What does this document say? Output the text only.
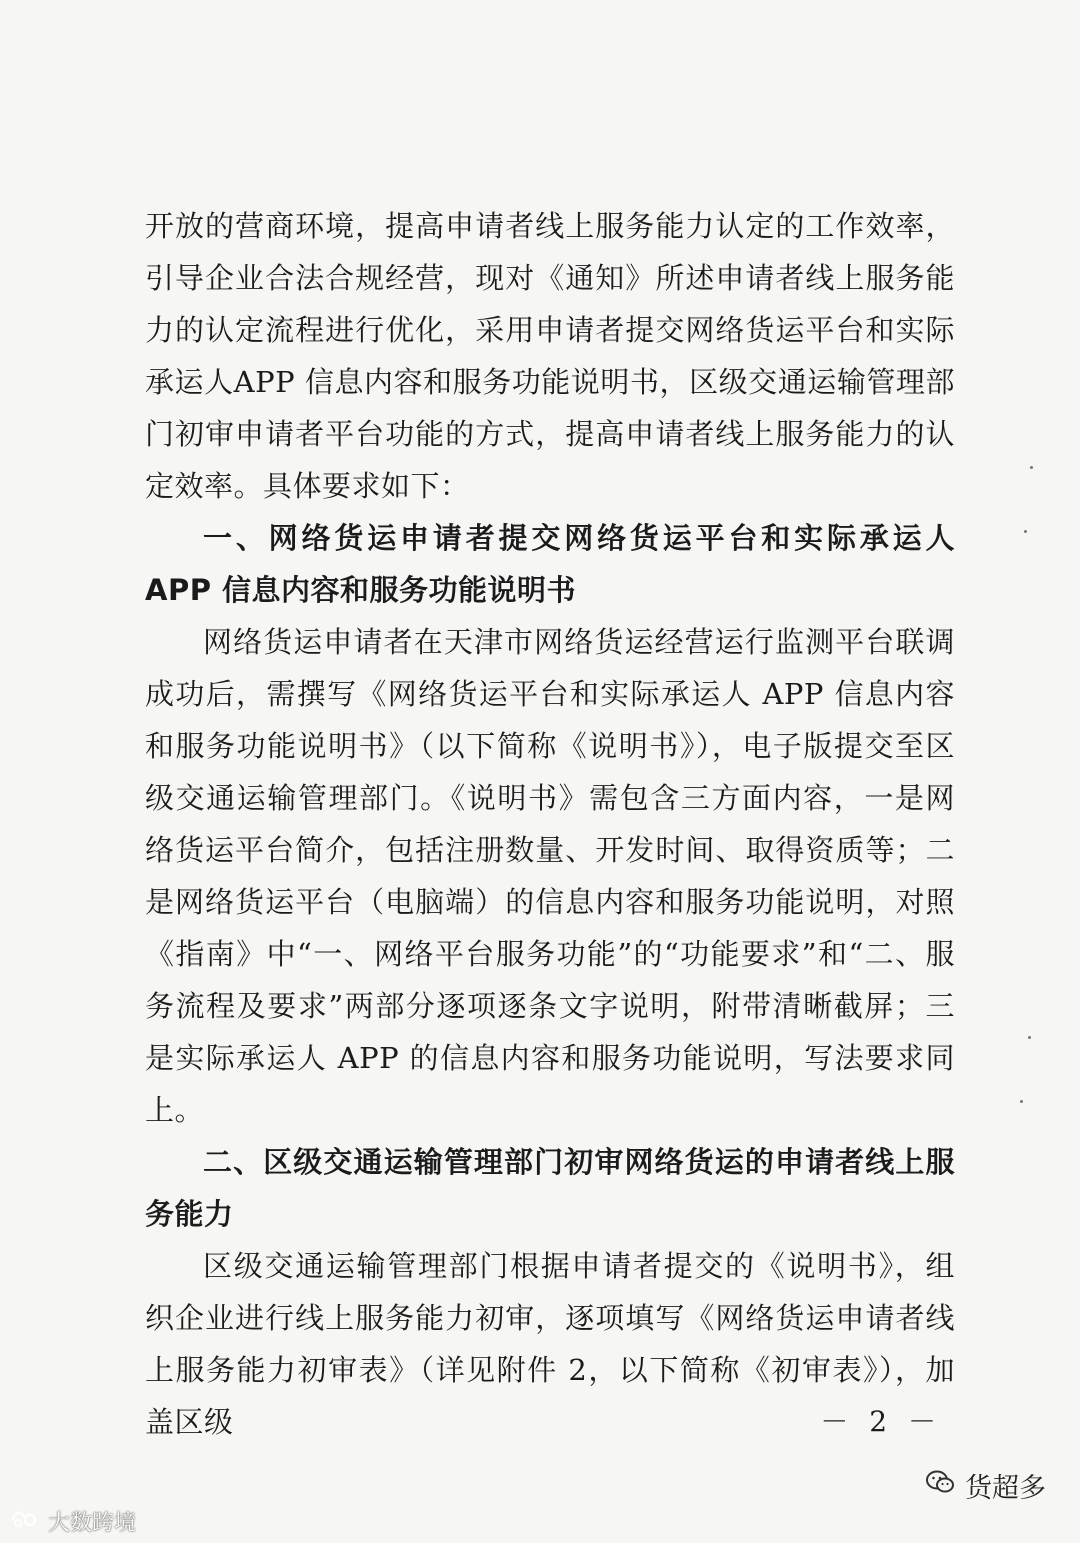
开放的营商环境，提高申请者线上服务能力认定的工作效率，引导企业合法合规经营，现对《通知》所述申请者线上服务能力的认定流程进行优化，采用申请者提交网络货运平台和实际承运人APP 信息内容和服务功能说明书，区级交通运输管理部门初审申请者平台功能的方式，提高申请者线上服务能力的认定效率。具体要求如下：

一、网络货运申请者提交网络货运平台和实际承运人 APP 信息内容和服务功能说明书

网络货运申请者在天津市网络货运经营运行监测平台联调成功后，需撰写《网络货运平台和实际承运人 APP 信息内容和服务功能说明书》（以下简称《说明书》），电子版提交至区级交通运输管理部门。《说明书》需包含三方面内容，一是网络货运平台简介，包括注册数量、开发时间、取得资质等；二是网络货运平台（电脑端）的信息内容和服务功能说明，对照《指南》中“一、网络平台服务功能”的“功能要求”和“二、服务流程及要求”两部分逐项逐条文字说明，附带清晰截屏；三是实际承运人 APP 的信息内容和服务功能说明，写法要求同上。

二、区级交通运输管理部门初审网络货运的申请者线上服务能力

区级交通运输管理部门根据申请者提交的《说明书》，组织企业进行线上服务能力初审，逐项填写《网络货运申请者线上服务能力初审表》（详见附件 2，以下简称《初审表》），加盖区级	－ 2 －
货超多
大数跨境
